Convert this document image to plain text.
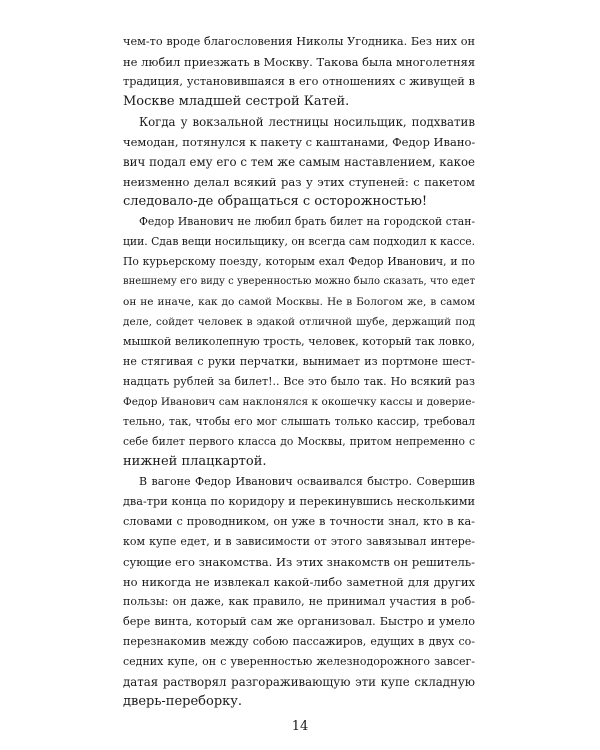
чем-то вроде благословения Николы Угодника. Без них он
не любил приезжать в Москву. Такова была многолетняя
традиция, установившаяся в его отношениях с живущей в
Москве младшей сестрой Катей.
Когда у вокзальной лестницы носильщик, подхватив
чемодан, потянулся к пакету с каштанами, Федор Ивано-
вич подал ему его с тем же самым наставлением, какое
неизменно делал всякий раз у этих ступеней: с пакетом
следовало-де обращаться с осторожностью!
Федор Иванович не любил брать билет на городской стан-
ции. Сдав вещи носильщику, он всегда сам подходил к кассе.
По курьерскому поезду, которым ехал Федор Иванович, и по
внешнему его виду с уверенностью можно было сказать, что едет
он не иначе, как до самой Москвы. Не в Бологом же, в самом
деле, сойдет человек в эдакой отличной шубе, держащий под
мышкой великолепную трость, человек, который так ловко,
не стягивая с руки перчатки, вынимает из портмоне шест-
надцать рублей за билет!.. Все это было так. Но всякий раз
Федор Иванович сам наклонялся к окошечку кассы и доверие-
тельно, так, чтобы его мог слышать только кассир, требовал
себе билет первого класса до Москвы, притом непременно с
нижней плацкартой.
В вагоне Федор Иванович осваивался быстро. Совершив
два-три конца по коридору и перекинувшись несколькими
словами с проводником, он уже в точности знал, кто в ка-
ком купе едет, и в зависимости от этого завязывал интере-
сующие его знакомства. Из этих знакомств он решитель-
но никогда не извлекал какой-либо заметной для других
пользы: он даже, как правило, не принимал участия в роб-
бере винта, который сам же организовал. Быстро и умело
перезнакомив между собою пассажиров, едущих в двух со-
седних купе, он с уверенностью железнодорожного завсег-
датая растворял разгораживающую эти купе складную
дверь-переборку.
14
